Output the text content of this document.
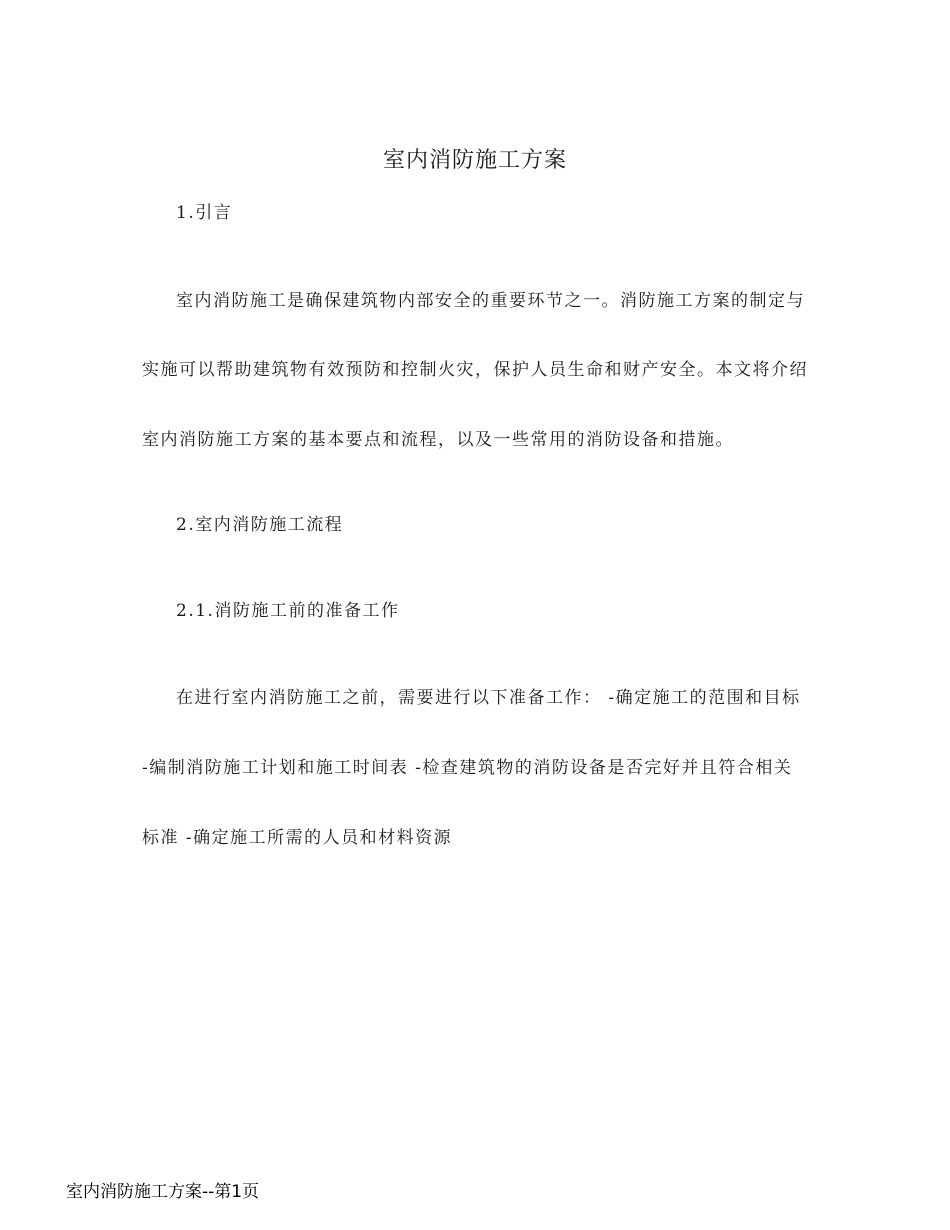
室内消防施工方案

1.引言

室内消防施工是确保建筑物内部安全的重要环节之一。消防施工方案的制定与

实施可以帮助建筑物有效预防和控制火灾，保护人员生命和财产安全。本文将介绍

室内消防施工方案的基本要点和流程，以及一些常用的消防设备和措施。

2.室内消防施工流程

2.1.消防施工前的准备工作

在进行室内消防施工之前，需要进行以下准备工作： -确定施工的范围和目标

-编制消防施工计划和施工时间表 -检查建筑物的消防设备是否完好并且符合相关

标准 -确定施工所需的人员和材料资源

室内消防施工方案--第1页
